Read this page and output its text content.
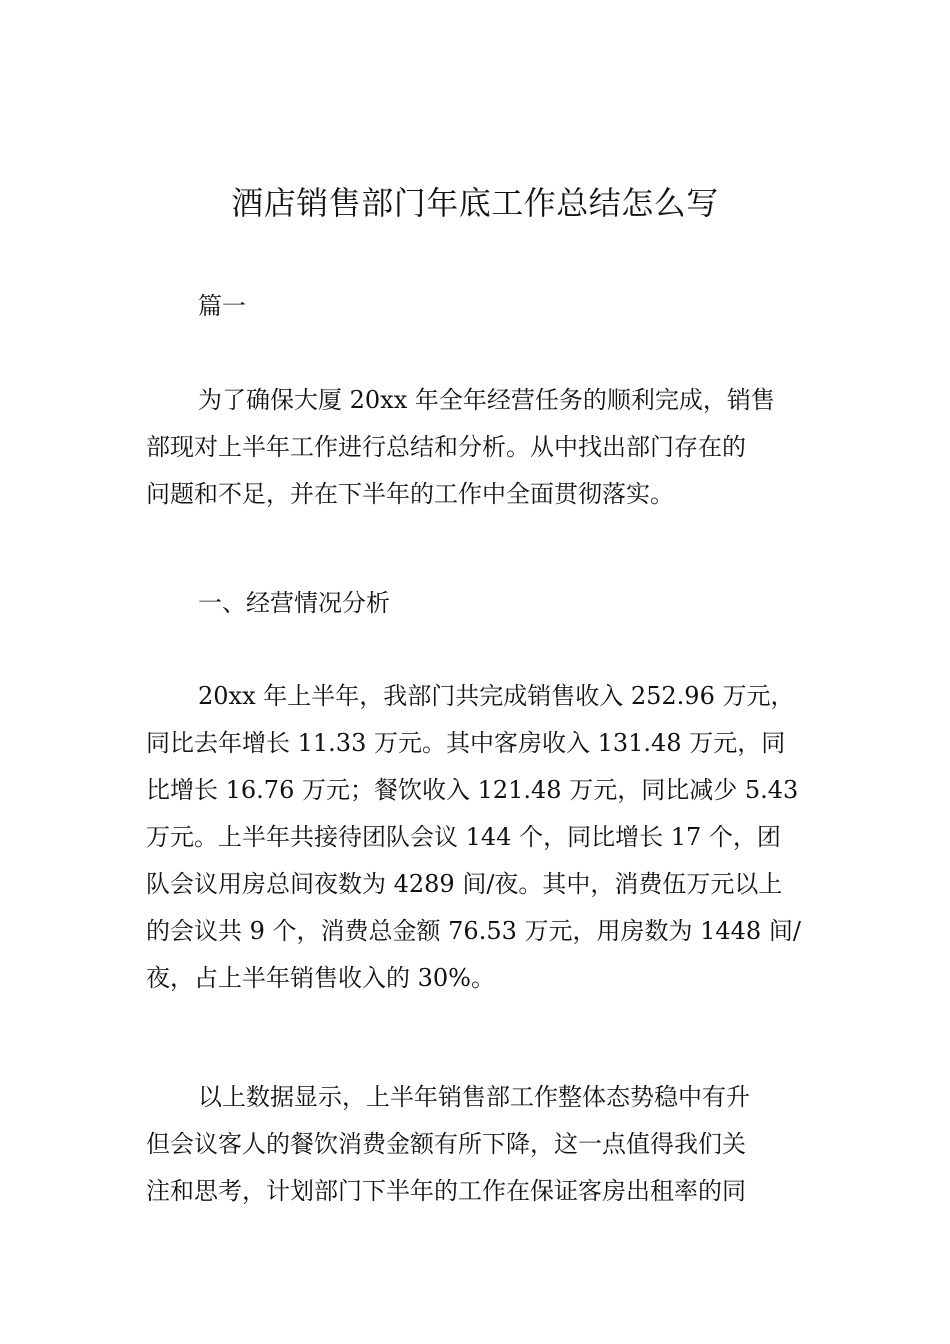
酒店销售部门年底工作总结怎么写

篇一

为了确保大厦 20xx 年全年经营任务的顺利完成，销售
部现对上半年工作进行总结和分析。从中找出部门存在的
问题和不足，并在下半年的工作中全面贯彻落实。

一、经营情况分析

20xx 年上半年，我部门共完成销售收入 252.96 万元，
同比去年增长 11.33 万元。其中客房收入 131.48 万元，同
比增长 16.76 万元；餐饮收入 121.48 万元，同比减少 5.43
万元。上半年共接待团队会议 144 个，同比增长 17 个，团
队会议用房总间夜数为 4289 间/夜。其中，消费伍万元以上
的会议共 9 个，消费总金额 76.53 万元，用房数为 1448 间/
夜，占上半年销售收入的 30%。

以上数据显示，上半年销售部工作整体态势稳中有升
但会议客人的餐饮消费金额有所下降，这一点值得我们关
注和思考，计划部门下半年的工作在保证客房出租率的同
